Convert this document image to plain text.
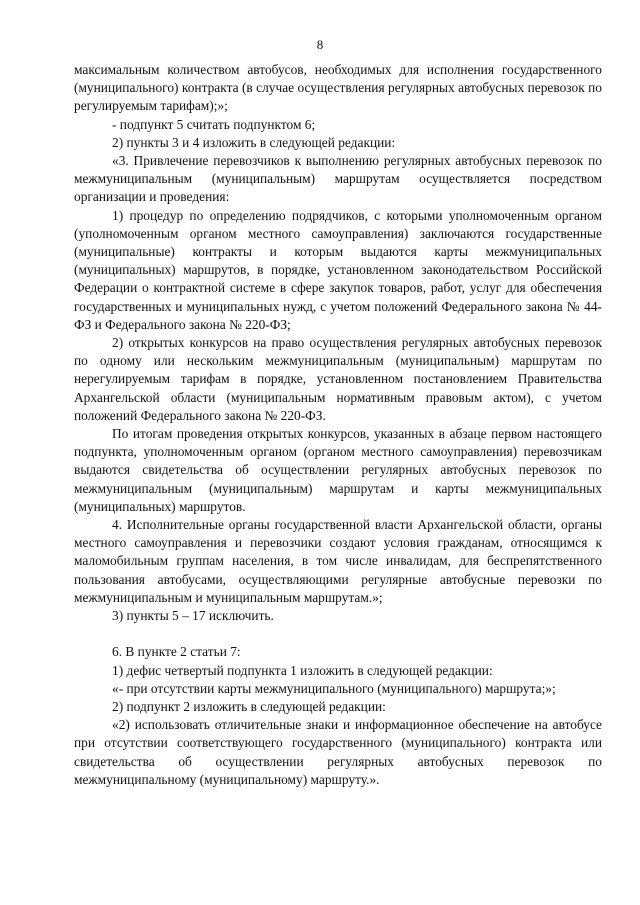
8

максимальным количеством автобусов, необходимых для исполнения государственного (муниципального) контракта (в случае осуществления регулярных автобусных перевозок по регулируемым тарифам);»;

- подпункт 5 считать подпунктом 6;

2) пункты 3 и 4 изложить в следующей редакции:

«3. Привлечение перевозчиков к выполнению регулярных автобусных перевозок по межмуниципальным (муниципальным) маршрутам осуществляется посредством организации и проведения:

1) процедур по определению подрядчиков, с которыми уполномоченным органом (уполномоченным органом местного самоуправления) заключаются государственные (муниципальные) контракты и которым выдаются карты межмуниципальных (муниципальных) маршрутов, в порядке, установленном законодательством Российской Федерации о контрактной системе в сфере закупок товаров, работ, услуг для обеспечения государственных и муниципальных нужд, с учетом положений Федерального закона № 44-ФЗ и Федерального закона № 220-ФЗ;

2) открытых конкурсов на право осуществления регулярных автобусных перевозок по одному или нескольким межмуниципальным (муниципальным) маршрутам по нерегулируемым тарифам в порядке, установленном постановлением Правительства Архангельской области (муниципальным нормативным правовым актом), с учетом положений Федерального закона № 220-ФЗ.

По итогам проведения открытых конкурсов, указанных в абзаце первом настоящего подпункта, уполномоченным органом (органом местного самоуправления) перевозчикам выдаются свидетельства об осуществлении регулярных автобусных перевозок по межмуниципальным (муниципальным) маршрутам и карты межмуниципальных (муниципальных) маршрутов.

4. Исполнительные органы государственной власти Архангельской области, органы местного самоуправления и перевозчики создают условия гражданам, относящимся к маломобильным группам населения, в том числе инвалидам, для беспрепятственного пользования автобусами, осуществляющими регулярные автобусные перевозки по межмуниципальным и муниципальным маршрутам.»;

3) пункты 5 – 17 исключить.

6. В пункте 2 статьи 7:

1) дефис четвертый подпункта 1 изложить в следующей редакции:

«- при отсутствии карты межмуниципального (муниципального) маршрута;»;

2) подпункт 2 изложить в следующей редакции:

«2) использовать отличительные знаки и информационное обеспечение на автобусе при отсутствии соответствующего государственного (муниципального) контракта или свидетельства об осуществлении регулярных автобусных перевозок по межмуниципальному (муниципальному) маршруту.».
